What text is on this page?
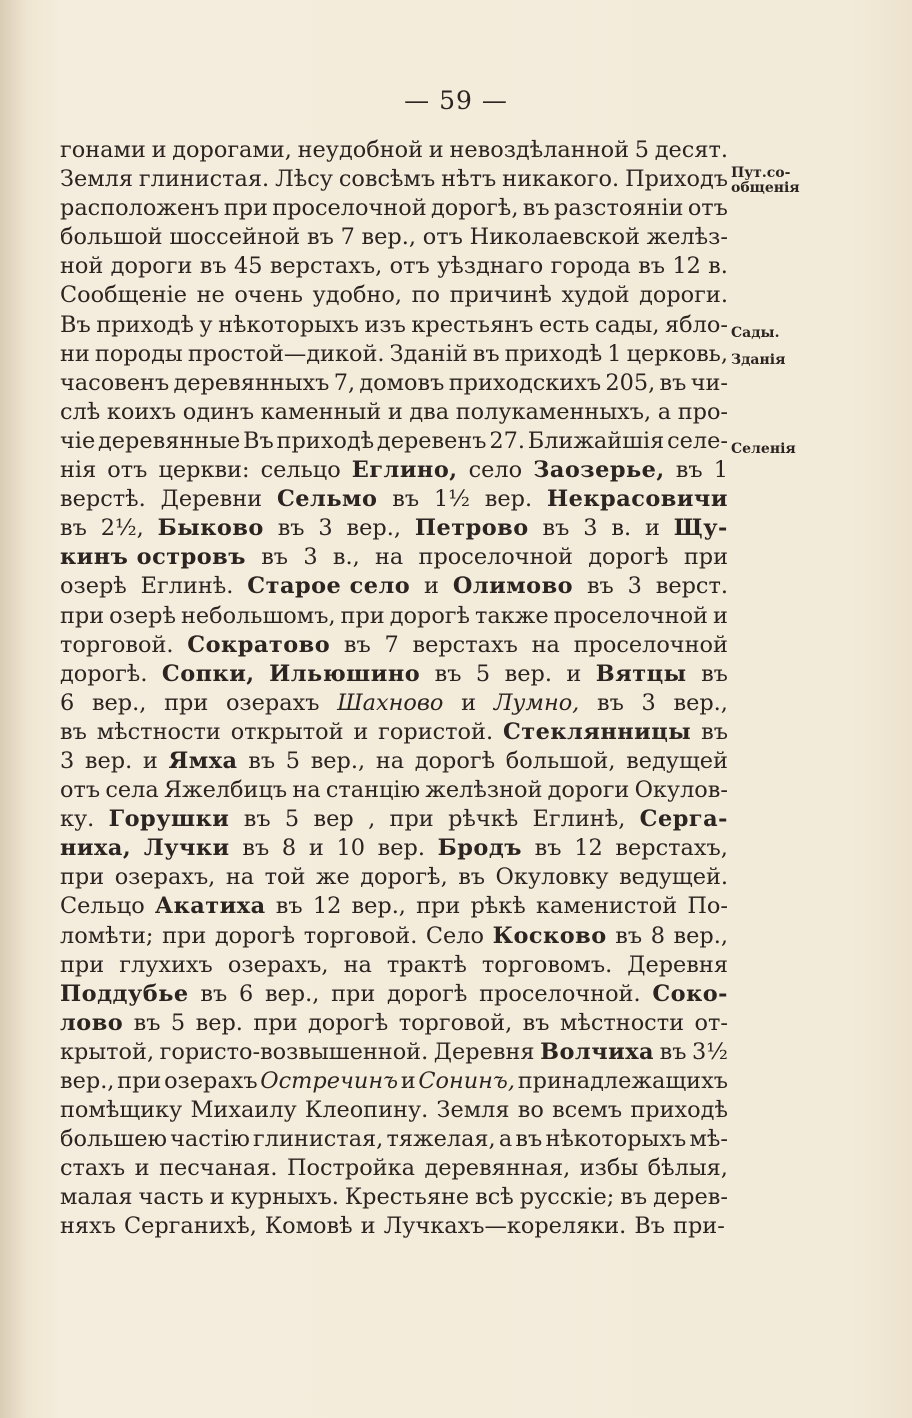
— 59 —
гонами и дорогами, неудобной и невоздѣланной 5 десят.
Земля глинистая. Лѣсу совсѣмъ нѣтъ никакого. Приходъ
расположенъ при проселочной дорогѣ, въ разстояніи отъ
большой шоссейной въ 7 вер., отъ Николаевской желѣз-
ной дороги въ 45 верстахъ, отъ уѣзднаго города въ 12 в.
Сообщеніе не очень удобно, по причинѣ худой дороги.
Въ приходѣ у нѣкоторыхъ изъ крестьянъ есть сады, ябло-
ни породы простой—дикой. Зданій въ приходѣ 1 церковь,
часовенъ деревянныхъ 7, домовъ приходскихъ 205, въ чи-
слѣ коихъ одинъ каменный и два полукаменныхъ, а про-
чіе деревянные Въ приходѣ деревенъ 27. Ближайшія селе-
нія отъ церкви: сельцо Еглино, село Заозерье, въ 1
верстѣ. Деревни Сельмо въ 1½ вер. Некрасовичи
въ 2½, Быково въ 3 вер., Петрово въ 3 в. и Щу-
кинъ островъ въ 3 в., на проселочной дорогѣ при
озерѣ Еглинѣ. Старое село и Олимово въ 3 верст.
при озерѣ небольшомъ, при дорогѣ также проселочной и
торговой. Сократово въ 7 верстахъ на проселочной
дорогѣ. Сопки, Ильюшино въ 5 вер. и Вятцы въ
6 вер., при озерахъ Шахново и Лумно, въ 3 вер.,
въ мѣстности открытой и гористой. Стеклянницы въ
3 вер. и Ямха въ 5 вер., на дорогѣ большой, ведущей
отъ села Яжелбицъ на станцію желѣзной дороги Окулов-
ку. Горушки въ 5 вер , при рѣчкѣ Еглинѣ, Серга-
ниха, Лучки въ 8 и 10 вер. Бродъ въ 12 верстахъ,
при озерахъ, на той же дорогѣ, въ Окуловку ведущей.
Сельцо Акатиха въ 12 вер., при рѣкѣ каменистой По-
ломѣти; при дорогѣ торговой. Село Косково въ 8 вер.,
при глухихъ озерахъ, на трактѣ торговомъ. Деревня
Поддубье въ 6 вер., при дорогѣ проселочной. Соко-
лово въ 5 вер. при дорогѣ торговой, въ мѣстности от-
крытой, гористо-возвышенной. Деревня Волчиха въ 3½
вер., при озерахъ Остречинъ и Сонинъ, принадлежащихъ
помѣщику Михаилу Клеопину. Земля во всемъ приходѣ
большею частію глинистая, тяжелая, а въ нѣкоторыхъ мѣ-
стахъ и песчаная. Постройка деревянная, избы бѣлыя,
малая часть и курныхъ. Крестьяне всѣ русскіе; въ дерев-
няхъ Серганихѣ, Комовѣ и Лучкахъ—кореляки. Въ при-
Пут.со-
общенія
Сады.
Зданія
Селенія
